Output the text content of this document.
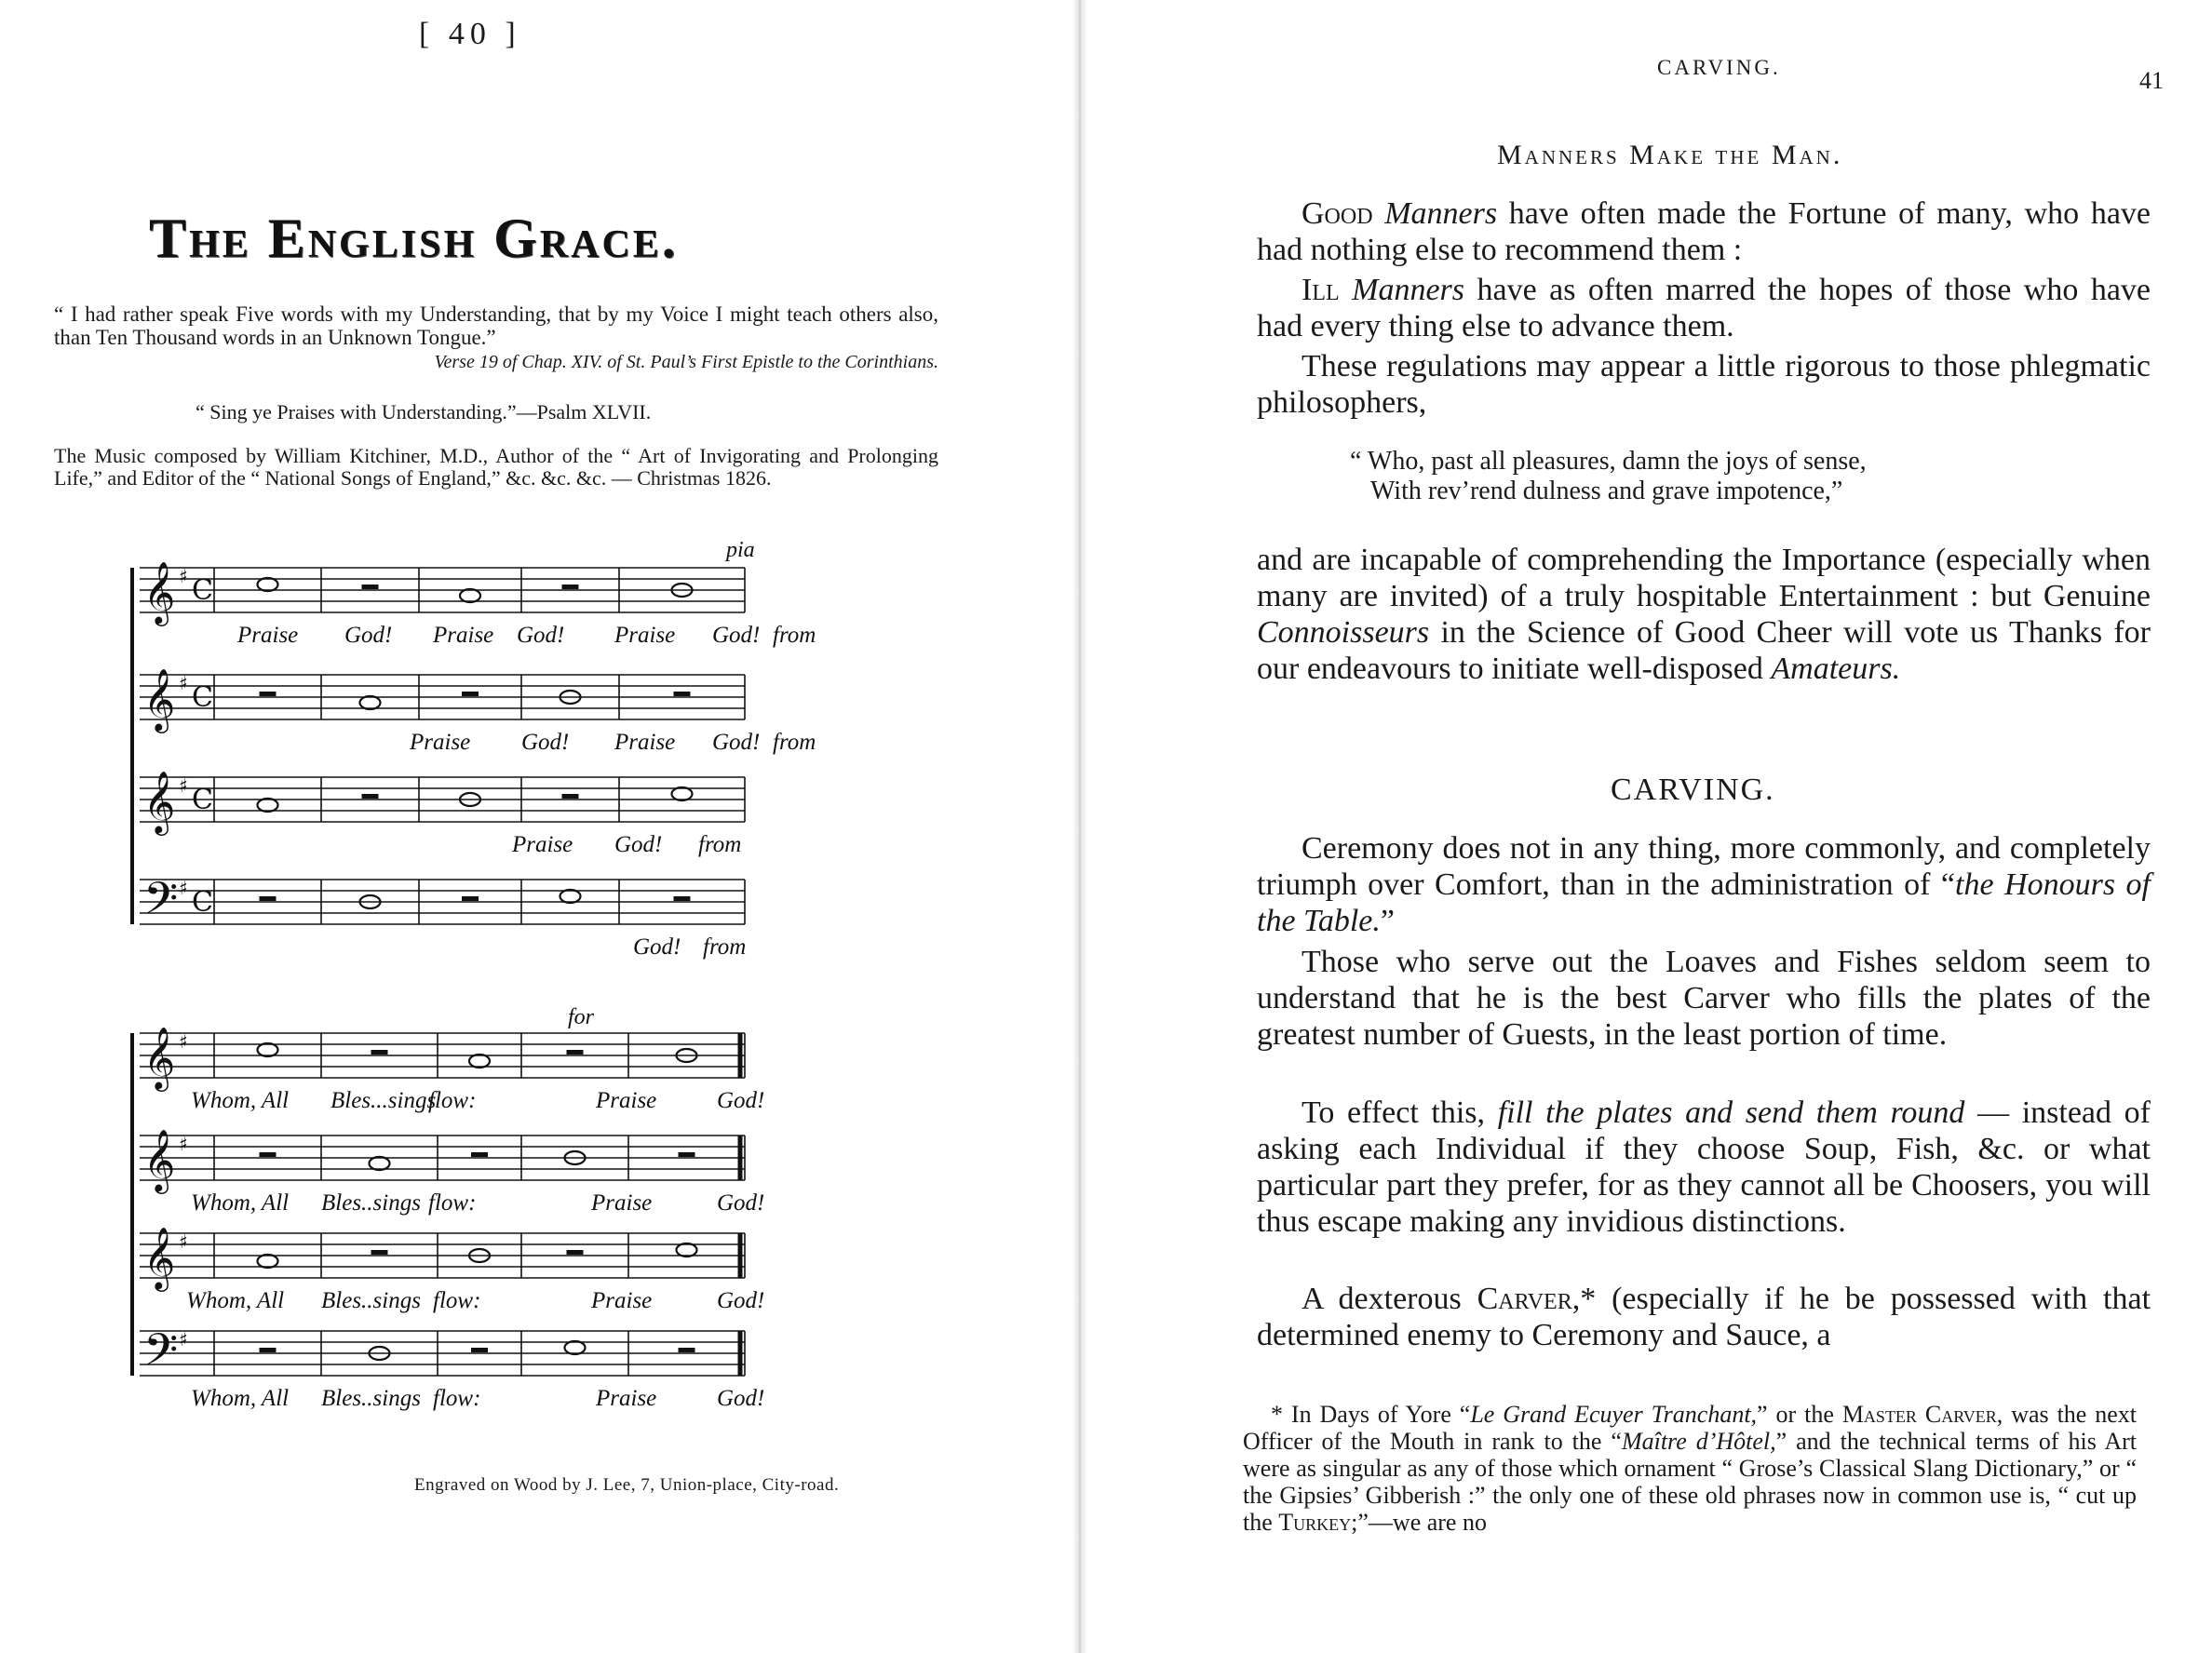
[ 40 ]
The English Grace.
“ I had rather speak Five words with my Understanding, that by my Voice I might teach others also, than Ten Thousand words in an Unknown Tongue.”
Verse 19 of Chap. XIV. of St. Paul’s First Epistle to the Corinthians.
“ Sing ye Praises with Understanding.”—Psalm XLVII.
The Music composed by William Kitchiner, M.D., Author of the “ Art of Invigorating and Prolonging Life,” and Editor of the “ National Songs of England,” &c. &c. &c. — Christmas 1826.
𝄞 ♯ C
𝄞 ♯ C
𝄞 ♯ C
𝄢 ♯ C
𝄞 ♯
𝄞 ♯
𝄞 ♯
𝄢 ♯
Praise God! Praise God! Praise God! from
Praise God! Praise God! from
Praise God! from
God! from
Whom, All Bles...sings
flow:	Praise	God!
Whom, All Bles..sings flow:	Praise	God!
Whom, All Bles..sings flow:	Praise	God!
Whom, All Bles..sings flow:	Praise	God!
pia
for
Engraved on Wood by J. Lee, 7, Union-place, City-road.
CARVING.	41
Manners Make the Man.
Good Manners have often made the Fortune of many, who have had nothing else to recommend them :
Ill Manners have as often marred the hopes of those who have had every thing else to advance them.
These regulations may appear a little rigorous to those phlegmatic philosophers,
“ Who, past all pleasures, damn the joys of sense,
With rev’rend dulness and grave impotence,”
and are incapable of comprehending the Importance (especially when many are invited) of a truly hospitable Entertainment : but Genuine Connoisseurs in the Science of Good Cheer will vote us Thanks for our endeavours to initiate well-disposed Amateurs.
CARVING.
Ceremony does not in any thing, more commonly, and completely triumph over Comfort, than in the administration of “the Honours of the Table.”
Those who serve out the Loaves and Fishes seldom seem to understand that he is the best Carver who fills the plates of the greatest number of Guests, in the least portion of time.
To effect this, fill the plates and send them round — instead of asking each Individual if they choose Soup, Fish, &c. or what particular part they prefer, for as they cannot all be Choosers, you will thus escape making any invidious distinctions.
A dexterous Carver,* (especially if he be possessed with that determined enemy to Ceremony and Sauce, a
* In Days of Yore “Le Grand Ecuyer Tranchant,” or the Master Carver, was the next Officer of the Mouth in rank to the “Maître d’Hôtel,” and the technical terms of his Art were as singular as any of those which ornament “ Grose’s Classical Slang Dictionary,” or “ the Gipsies’ Gibberish :” the only one of these old phrases now in common use is, “ cut up the Turkey;”—we are no
